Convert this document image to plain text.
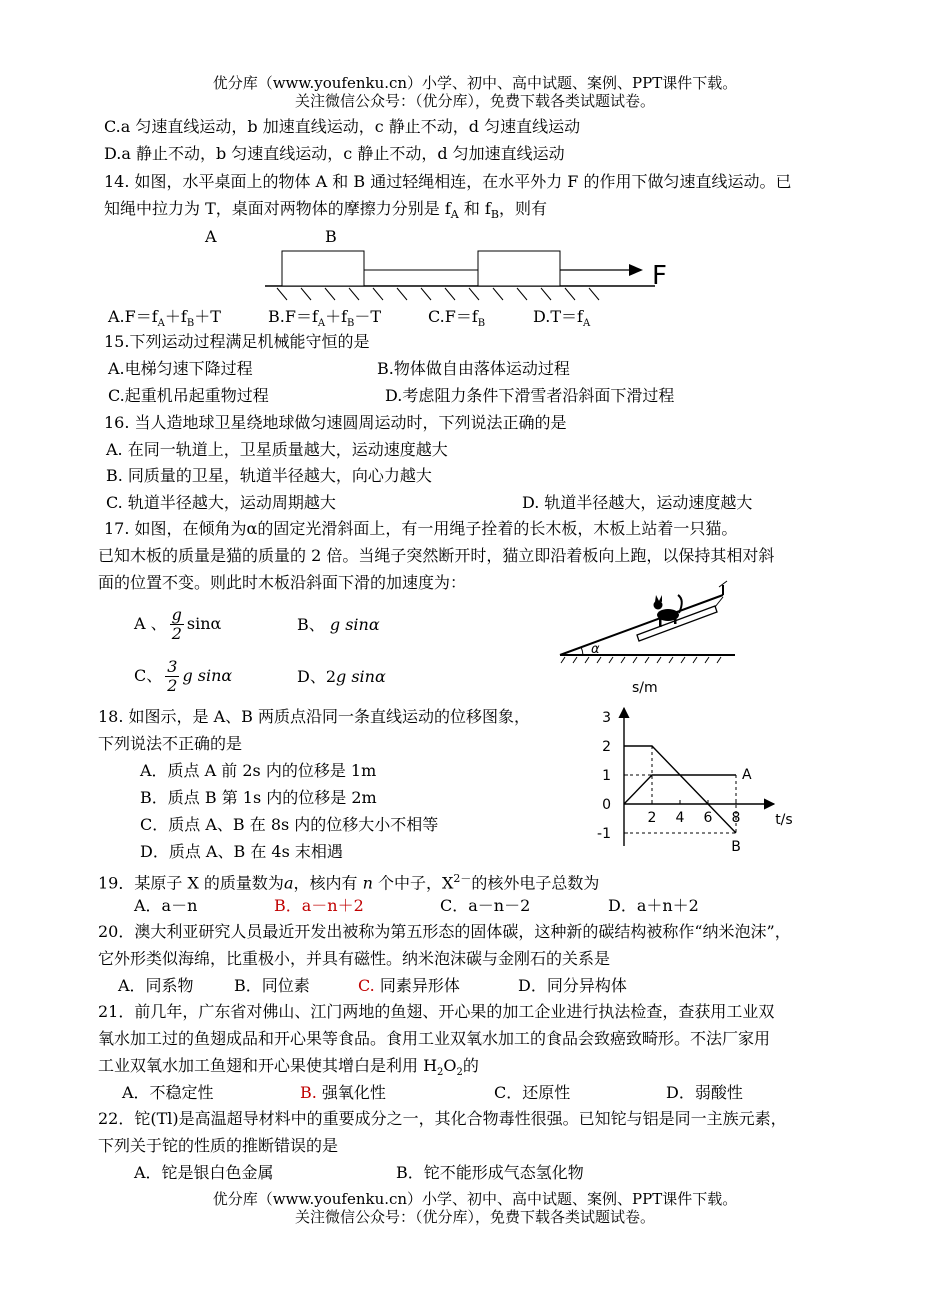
优分库（www.youfenku.cn）小学、初中、高中试题、案例、PPT课件下载。
关注微信公众号：（优分库），免费下载各类试题试卷。
C.a 匀速直线运动，b 加速直线运动，c 静止不动，d 匀速直线运动
D.a 静止不动，b 匀速直线运动，c 静止不动，d 匀加速直线运动
14. 如图，水平桌面上的物体 A 和 B 通过轻绳相连，在水平外力 F 的作用下做匀速直线运动。已
知绳中拉力为 T，桌面对两物体的摩擦力分别是 $f_A$ 和 $f_B$，则有
A	B
F
$A.F=f_A+f_B+T$	$B.F=f_A+f_B-T$	$C.F=f_B$	$D.T=f_A$
15.下列运动过程满足机械能守恒的是
A.电梯匀速下降过程	B.物体做自由落体运动过程
C.起重机吊起重物过程	D.考虑阻力条件下滑雪者沿斜面下滑过程
16. 当人造地球卫星绕地球做匀速圆周运动时，下列说法正确的是
A. 在同一轨道上，卫星质量越大，运动速度越大
B. 同质量的卫星，轨道半径越大，向心力越大
C. 轨道半径越大，运动周期越大	D. 轨道半径越大，运动速度越大
17. 如图，在倾角为α的固定光滑斜面上，有一用绳子拴着的长木板，木板上站着一只猫。
已知木板的质量是猫的质量的 2 倍。当绳子突然断开时，猫立即沿着板向上跑，以保持其相对斜
面的位置不变。则此时木板沿斜面下滑的加速度为：
A 、 $\frac{g}{2}$ sinα	B、 g sinα
C、 $\frac{3}{2}$ g sinα	D、2g sinα
α
18. 如图示，是 A、B 两质点沿同一条直线运动的位移图象，
下列说法不正确的是
A．质点 A 前 2s 内的位移是 1m
B．质点 B 第 1s 内的位移是 2m
C．质点 A、B 在 8s 内的位移大小不相等
D．质点 A、B 在 4s 末相遇
s/m
t/s
3
2
1
0
-1
2 4 6 8
A
B
19．某原子 X 的质量数为a，核内有 n 个中子，$X^{2-}$的核外电子总数为
A．a－n	B．a－n＋2	C．a－n－2	D．a＋n＋2
20．澳大利亚研究人员最近开发出被称为第五形态的固体碳，这种新的碳结构被称作“纳米泡沫”，
它外形类似海绵，比重极小，并具有磁性。纳米泡沫碳与金刚石的关系是
A．同系物	B．同位素	C. 同素异形体	D．同分异构体
21．前几年，广东省对佛山、江门两地的鱼翅、开心果的加工企业进行执法检查，查获用工业双
氧水加工过的鱼翅成品和开心果等食品。食用工业双氧水加工的食品会致癌致畸形。不法厂家用
工业双氧水加工鱼翅和开心果使其增白是利用 $H_2O_2$的
A．不稳定性	B. 强氧化性	C．还原性	D．弱酸性
22．铊(Tl)是高温超导材料中的重要成分之一，其化合物毒性很强。已知铊与铝是同一主族元素，
下列关于铊的性质的推断错误的是
A．铊是银白色金属	B．铊不能形成气态氢化物
优分库（www.youfenku.cn）小学、初中、高中试题、案例、PPT课件下载。
关注微信公众号：（优分库），免费下载各类试题试卷。
